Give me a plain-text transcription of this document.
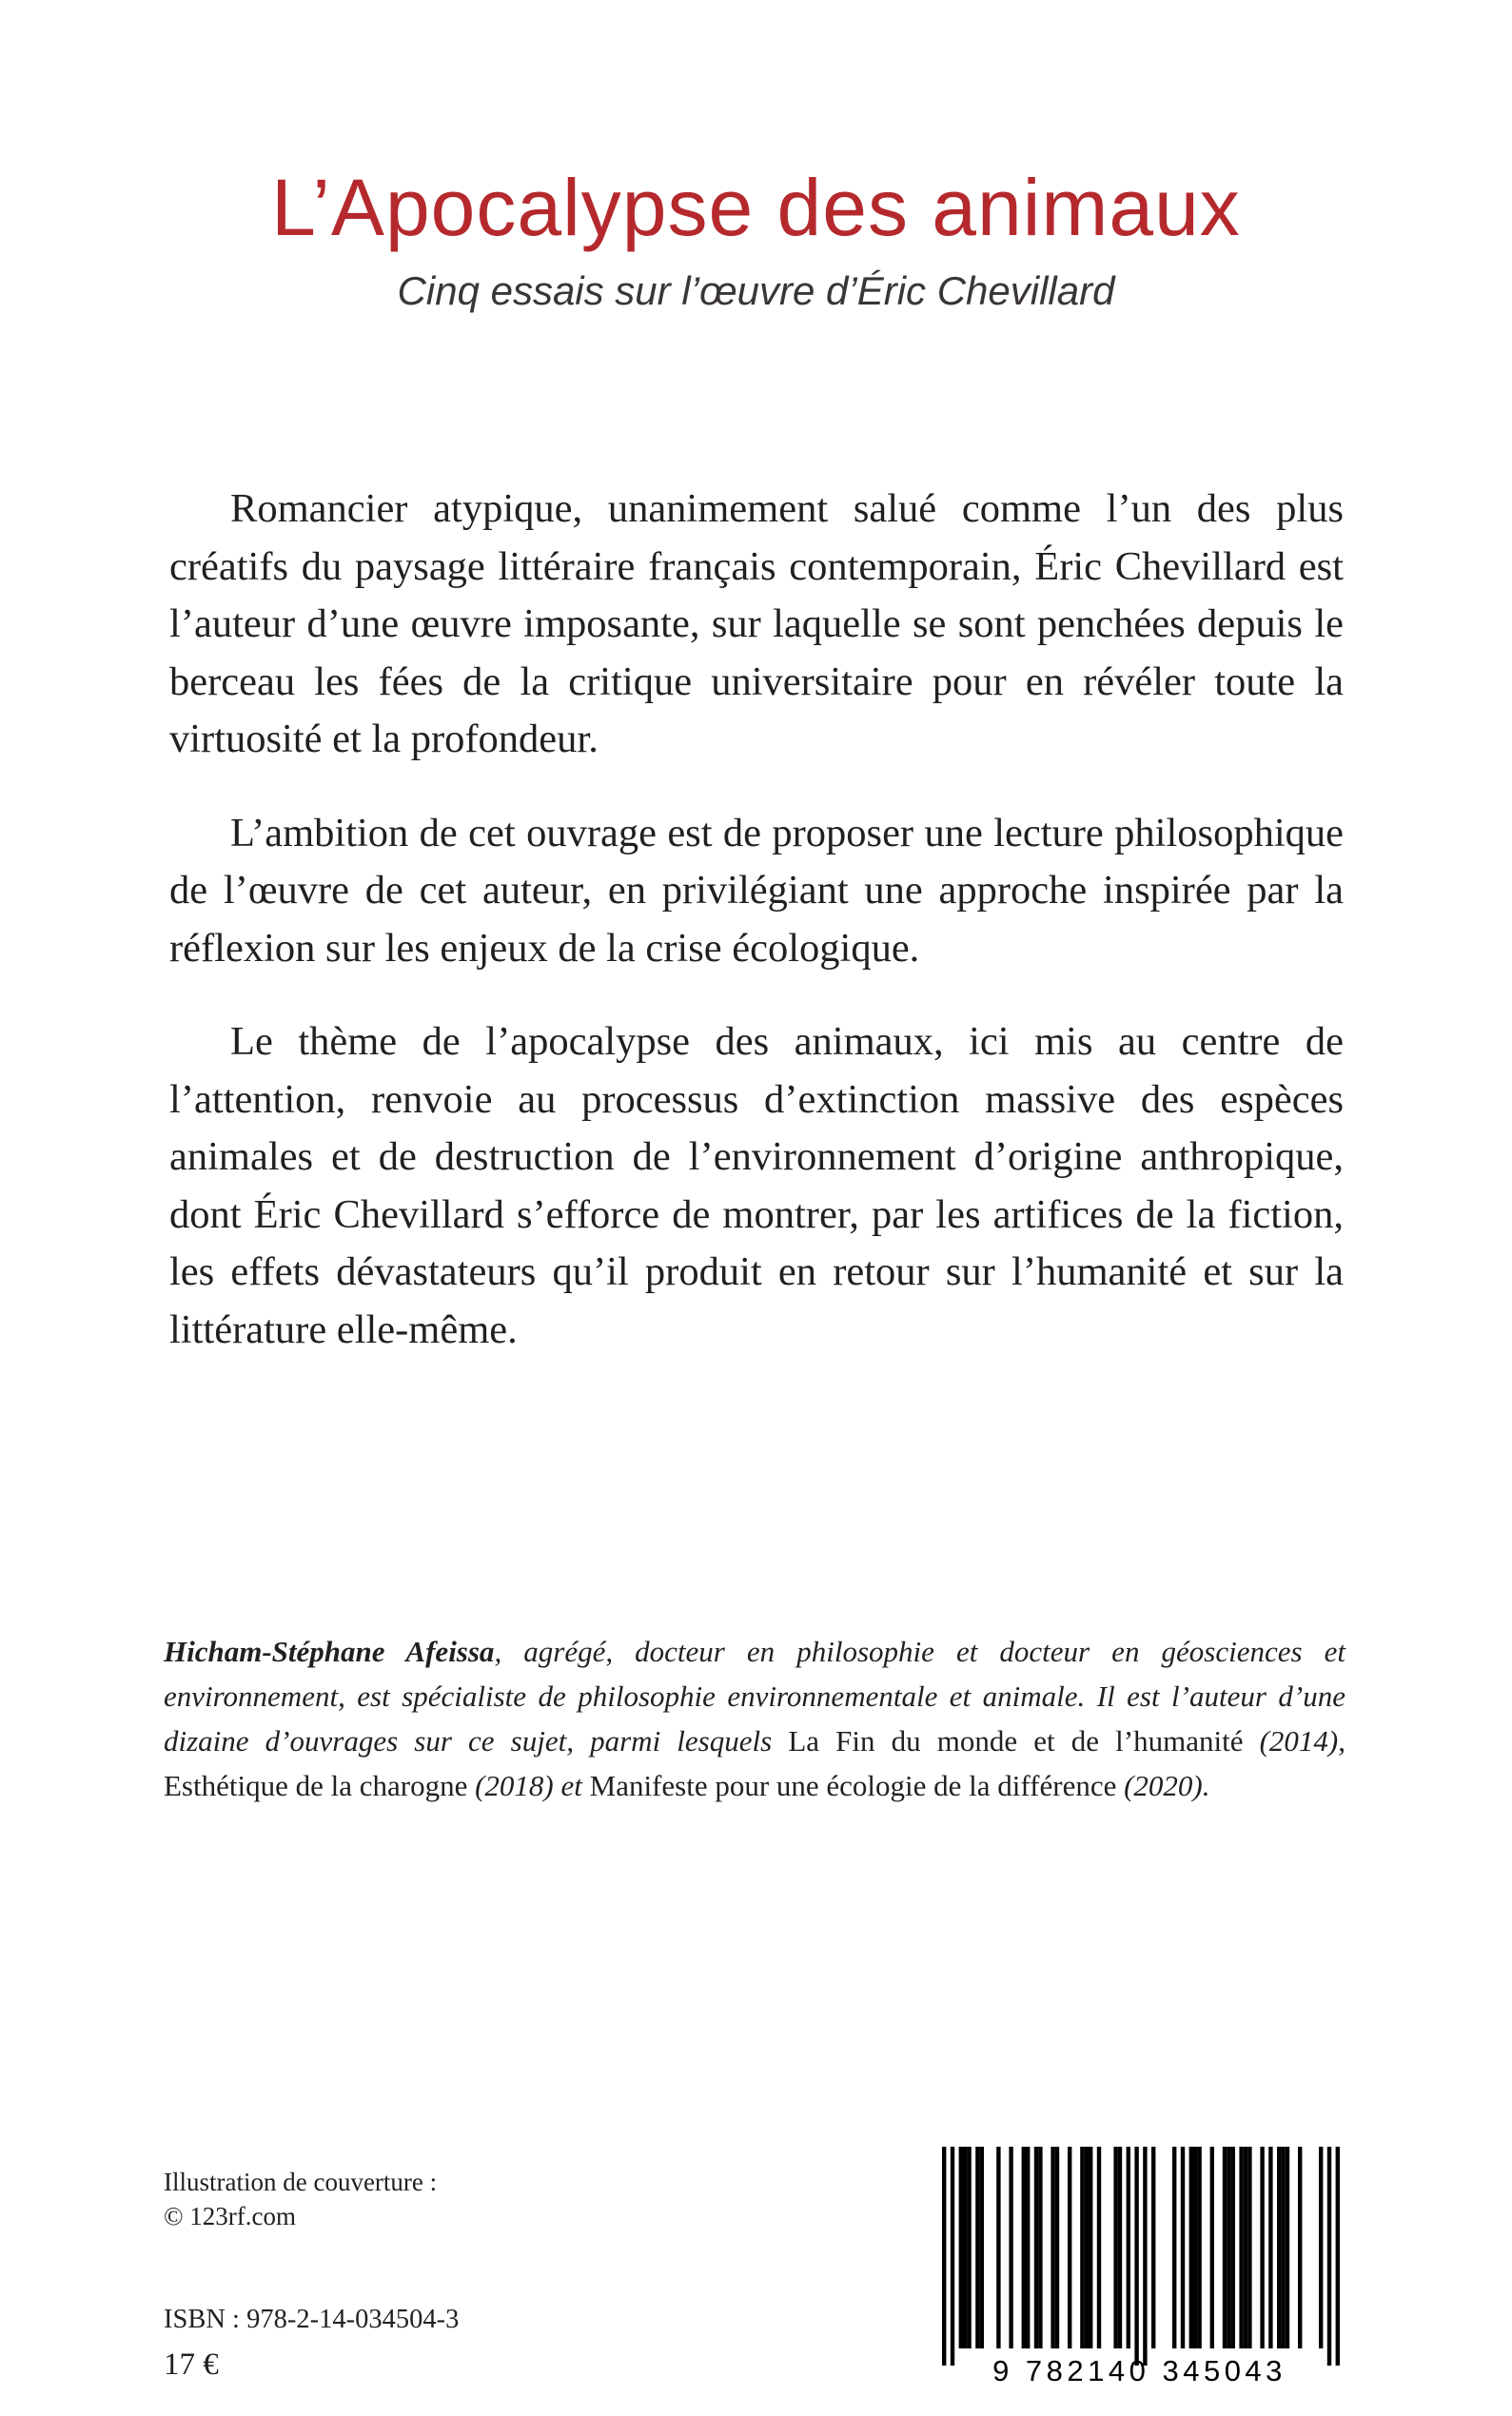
L’Apocalypse des animaux

Cinq essais sur l’œuvre d’Éric Chevillard

Romancier atypique, unanimement salué comme l’un des plus créatifs du paysage littéraire français contemporain, Éric Chevillard est l’auteur d’une œuvre imposante, sur laquelle se sont penchées depuis le berceau les fées de la critique universitaire pour en révéler toute la virtuosité et la profondeur.

L’ambition de cet ouvrage est de proposer une lecture philosophique de l’œuvre de cet auteur, en privilégiant une approche inspirée par la réflexion sur les enjeux de la crise écologique.

Le thème de l’apocalypse des animaux, ici mis au centre de l’attention, renvoie au processus d’extinction massive des espèces animales et de destruction de l’environnement d’origine anthropique, dont Éric Chevillard s’efforce de montrer, par les artifices de la fiction, les effets dévastateurs qu’il produit en retour sur l’humanité et sur la littérature elle-même.

Hicham-Stéphane Afeissa, agrégé, docteur en philosophie et docteur en géosciences et environnement, est spécialiste de philosophie environnementale et animale. Il est l’auteur d’une dizaine d’ouvrages sur ce sujet, parmi lesquels La Fin du monde et de l’humanité (2014), Esthétique de la charogne (2018) et Manifeste pour une écologie de la différence (2020).

Illustration de couverture :
© 123rf.com
ISBN : 978-2-14-034504-3
17 €	9 782140 345043
